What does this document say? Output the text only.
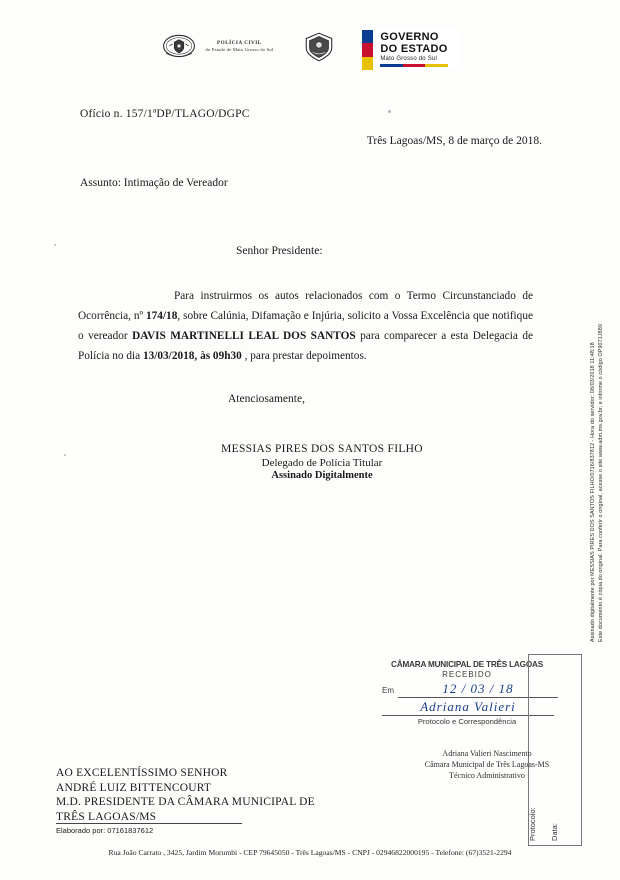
POLÍCIA CIVIL
do Estado de Mato Grosso do Sul
GOVERNO
DO ESTADO
Mato Grosso do Sul
Ofício n. 157/1ªDP/TLAGO/DGPC
Três Lagoas/MS, 8 de março de 2018.
Assunto: Intimação de Vereador
Senhor Presidente:
Para instruirmos os autos relacionados com o Termo Circunstanciado de Ocorrência, nº 174/18, sobre Calúnia, Difamação e Injúria, solicito a Vossa Excelência que notifique o vereador DAVIS MARTINELLI LEAL DOS SANTOS para comparecer a esta Delegacia de Polícia no dia 13/03/2018, às 09h30 , para prestar depoimentos.
Atenciosamente,
MESSIAS PIRES DOS SANTOS FILHO
Delegado de Polícia Titular
Assinado Digitalmente	Este documento é cópia do original. Para conferir o original, acesse o site www.adm.ms.gov.br, e informe o código OP9071J889
Assinado digitalmente por MESSIAS PIRES DOS SANTOS FILHO/0716/837812 - Hora do servidor: 08/03/2018 11:48:18
CÂMARA MUNICIPAL DE TRÊS LAGOAS
RECEBIDO
Em	12 / 03 / 18
Adriana Valieri
Protocolo e Correspondência
Protocolo: Data:
Adriana Valieri Nascimento
Câmara Municipal de Três Lagoas-MS
Técnico Administrativo
AO EXCELENTÍSSIMO SENHOR
ANDRÉ LUIZ BITTENCOURT
M.D. PRESIDENTE DA CÂMARA MUNICIPAL DE
TRÊS LAGOAS/MS
Elaborado por: 07161837612
Rua João Carrato , 3425, Jardim Morumbi - CEP 79645050 - Três Lagoas/MS - CNPJ - 02946822000195 - Telefone: (67)3521-2294
